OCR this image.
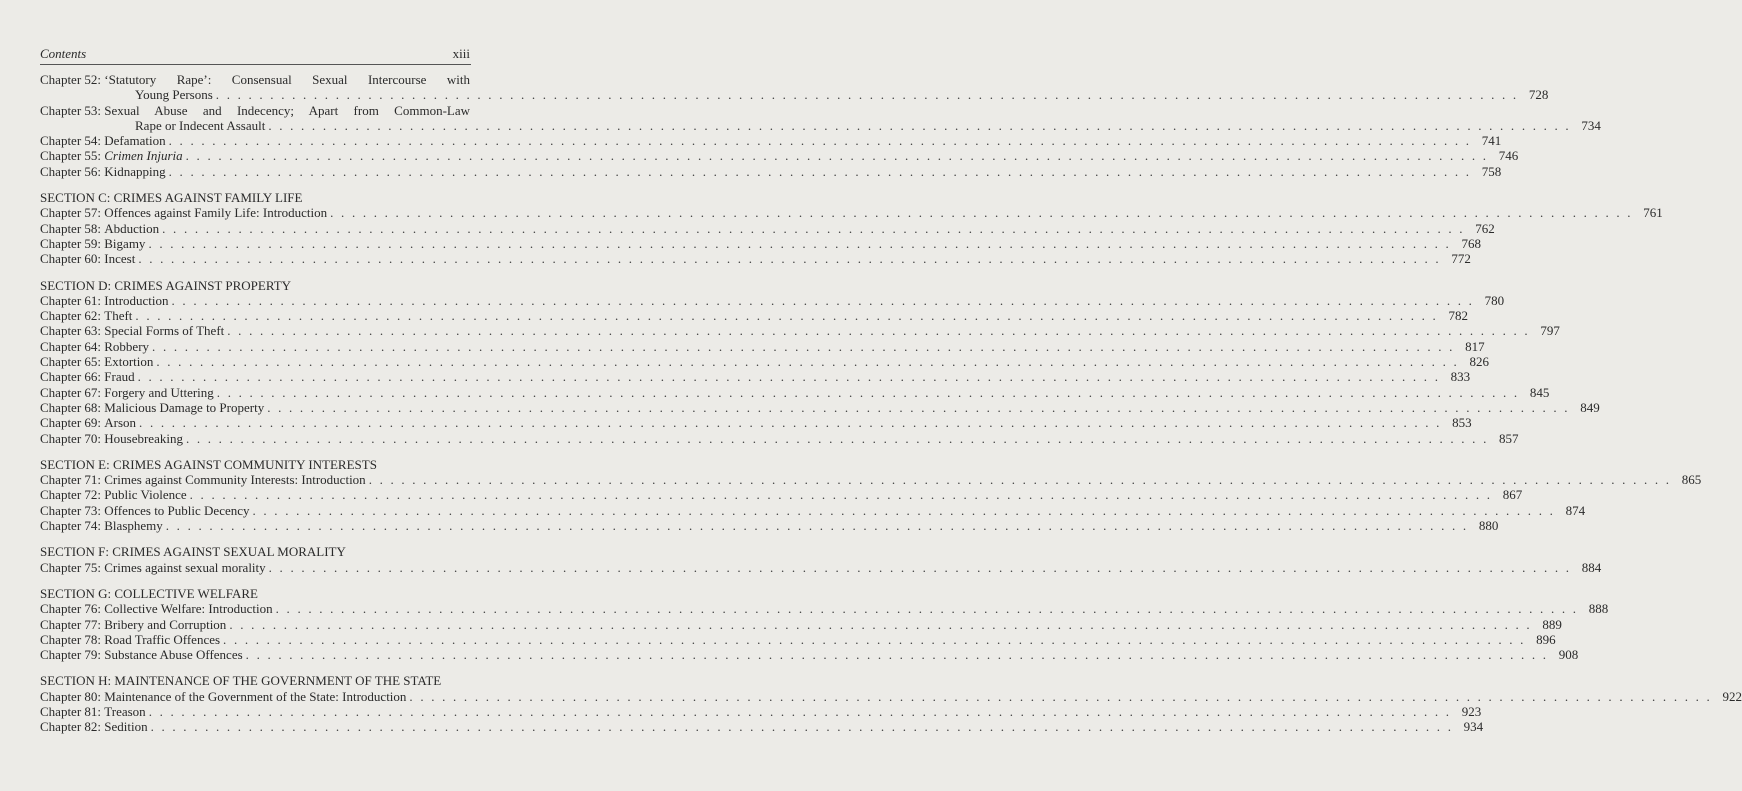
Contents	xiii
Chapter 52: ‘Statutory Rape’: Consensual Sexual Intercourse with
Young Persons . . . . . . . . . . . . . . . . . . . . . . . . . . . . . . . . . . . . . . . . . . . . . . . . . . . . . . . . . . . . . . . . . . . . . . . . . . . . . . . . . . . . . . . . . . . . . . . . . . . . . . . . . . . . . . . . . . . . . . . . 728
Chapter 53: Sexual Abuse and Indecency; Apart from Common-Law
Rape or Indecent Assault . . . . . . . . . . . . . . . . . . . . . . . . . . . . . . . . . . . . . . . . . . . . . . . . . . . . . . . . . . . . . . . . . . . . . . . . . . . . . . . . . . . . . . . . . . . . . . . . . . . . . . . . . . . . . . . . . . . . . . . . 734
Chapter 54: Defamation . . . . . . . . . . . . . . . . . . . . . . . . . . . . . . . . . . . . . . . . . . . . . . . . . . . . . . . . . . . . . . . . . . . . . . . . . . . . . . . . . . . . . . . . . . . . . . . . . . . . . . . . . . . . . . . . . . . . . . . . 741
Chapter 55: Crimen Injuria . . . . . . . . . . . . . . . . . . . . . . . . . . . . . . . . . . . . . . . . . . . . . . . . . . . . . . . . . . . . . . . . . . . . . . . . . . . . . . . . . . . . . . . . . . . . . . . . . . . . . . . . . . . . . . . . . . . . . . . . 746
Chapter 56: Kidnapping . . . . . . . . . . . . . . . . . . . . . . . . . . . . . . . . . . . . . . . . . . . . . . . . . . . . . . . . . . . . . . . . . . . . . . . . . . . . . . . . . . . . . . . . . . . . . . . . . . . . . . . . . . . . . . . . . . . . . . . . 758
SECTION C: CRIMES AGAINST FAMILY LIFE
Chapter 57: Offences against Family Life: Introduction . . . . . . . . . . . . . . . . . . . . . . . . . . . . . . . . . . . . . . . . . . . . . . . . . . . . . . . . . . . . . . . . . . . . . . . . . . . . . . . . . . . . . . . . . . . . . . . . . . . . . . . . . . . . . . . . . . . . . . . . 761
Chapter 58: Abduction . . . . . . . . . . . . . . . . . . . . . . . . . . . . . . . . . . . . . . . . . . . . . . . . . . . . . . . . . . . . . . . . . . . . . . . . . . . . . . . . . . . . . . . . . . . . . . . . . . . . . . . . . . . . . . . . . . . . . . . . 762
Chapter 59: Bigamy . . . . . . . . . . . . . . . . . . . . . . . . . . . . . . . . . . . . . . . . . . . . . . . . . . . . . . . . . . . . . . . . . . . . . . . . . . . . . . . . . . . . . . . . . . . . . . . . . . . . . . . . . . . . . . . . . . . . . . . . 768
Chapter 60: Incest . . . . . . . . . . . . . . . . . . . . . . . . . . . . . . . . . . . . . . . . . . . . . . . . . . . . . . . . . . . . . . . . . . . . . . . . . . . . . . . . . . . . . . . . . . . . . . . . . . . . . . . . . . . . . . . . . . . . . . . . 772
SECTION D: CRIMES AGAINST PROPERTY
Chapter 61: Introduction . . . . . . . . . . . . . . . . . . . . . . . . . . . . . . . . . . . . . . . . . . . . . . . . . . . . . . . . . . . . . . . . . . . . . . . . . . . . . . . . . . . . . . . . . . . . . . . . . . . . . . . . . . . . . . . . . . . . . . . . 780
Chapter 62: Theft . . . . . . . . . . . . . . . . . . . . . . . . . . . . . . . . . . . . . . . . . . . . . . . . . . . . . . . . . . . . . . . . . . . . . . . . . . . . . . . . . . . . . . . . . . . . . . . . . . . . . . . . . . . . . . . . . . . . . . . . 782
Chapter 63: Special Forms of Theft . . . . . . . . . . . . . . . . . . . . . . . . . . . . . . . . . . . . . . . . . . . . . . . . . . . . . . . . . . . . . . . . . . . . . . . . . . . . . . . . . . . . . . . . . . . . . . . . . . . . . . . . . . . . . . . . . . . . . . . . 797
Chapter 64: Robbery . . . . . . . . . . . . . . . . . . . . . . . . . . . . . . . . . . . . . . . . . . . . . . . . . . . . . . . . . . . . . . . . . . . . . . . . . . . . . . . . . . . . . . . . . . . . . . . . . . . . . . . . . . . . . . . . . . . . . . . . 817
Chapter 65: Extortion . . . . . . . . . . . . . . . . . . . . . . . . . . . . . . . . . . . . . . . . . . . . . . . . . . . . . . . . . . . . . . . . . . . . . . . . . . . . . . . . . . . . . . . . . . . . . . . . . . . . . . . . . . . . . . . . . . . . . . . . 826
Chapter 66: Fraud . . . . . . . . . . . . . . . . . . . . . . . . . . . . . . . . . . . . . . . . . . . . . . . . . . . . . . . . . . . . . . . . . . . . . . . . . . . . . . . . . . . . . . . . . . . . . . . . . . . . . . . . . . . . . . . . . . . . . . . . 833
Chapter 67: Forgery and Uttering . . . . . . . . . . . . . . . . . . . . . . . . . . . . . . . . . . . . . . . . . . . . . . . . . . . . . . . . . . . . . . . . . . . . . . . . . . . . . . . . . . . . . . . . . . . . . . . . . . . . . . . . . . . . . . . . . . . . . . . . 845
Chapter 68: Malicious Damage to Property . . . . . . . . . . . . . . . . . . . . . . . . . . . . . . . . . . . . . . . . . . . . . . . . . . . . . . . . . . . . . . . . . . . . . . . . . . . . . . . . . . . . . . . . . . . . . . . . . . . . . . . . . . . . . . . . . . . . . . . . 849
Chapter 69: Arson . . . . . . . . . . . . . . . . . . . . . . . . . . . . . . . . . . . . . . . . . . . . . . . . . . . . . . . . . . . . . . . . . . . . . . . . . . . . . . . . . . . . . . . . . . . . . . . . . . . . . . . . . . . . . . . . . . . . . . . . 853
Chapter 70: Housebreaking . . . . . . . . . . . . . . . . . . . . . . . . . . . . . . . . . . . . . . . . . . . . . . . . . . . . . . . . . . . . . . . . . . . . . . . . . . . . . . . . . . . . . . . . . . . . . . . . . . . . . . . . . . . . . . . . . . . . . . . . 857
SECTION E: CRIMES AGAINST COMMUNITY INTERESTS
Chapter 71: Crimes against Community Interests: Introduction . . . . . . . . . . . . . . . . . . . . . . . . . . . . . . . . . . . . . . . . . . . . . . . . . . . . . . . . . . . . . . . . . . . . . . . . . . . . . . . . . . . . . . . . . . . . . . . . . . . . . . . . . . . . . . . . . . . . . . . . 865
Chapter 72: Public Violence . . . . . . . . . . . . . . . . . . . . . . . . . . . . . . . . . . . . . . . . . . . . . . . . . . . . . . . . . . . . . . . . . . . . . . . . . . . . . . . . . . . . . . . . . . . . . . . . . . . . . . . . . . . . . . . . . . . . . . . . 867
Chapter 73: Offences to Public Decency . . . . . . . . . . . . . . . . . . . . . . . . . . . . . . . . . . . . . . . . . . . . . . . . . . . . . . . . . . . . . . . . . . . . . . . . . . . . . . . . . . . . . . . . . . . . . . . . . . . . . . . . . . . . . . . . . . . . . . . . 874
Chapter 74: Blasphemy . . . . . . . . . . . . . . . . . . . . . . . . . . . . . . . . . . . . . . . . . . . . . . . . . . . . . . . . . . . . . . . . . . . . . . . . . . . . . . . . . . . . . . . . . . . . . . . . . . . . . . . . . . . . . . . . . . . . . . . . 880
SECTION F: CRIMES AGAINST SEXUAL MORALITY
Chapter 75: Crimes against sexual morality . . . . . . . . . . . . . . . . . . . . . . . . . . . . . . . . . . . . . . . . . . . . . . . . . . . . . . . . . . . . . . . . . . . . . . . . . . . . . . . . . . . . . . . . . . . . . . . . . . . . . . . . . . . . . . . . . . . . . . . . 884
SECTION G: COLLECTIVE WELFARE
Chapter 76: Collective Welfare: Introduction . . . . . . . . . . . . . . . . . . . . . . . . . . . . . . . . . . . . . . . . . . . . . . . . . . . . . . . . . . . . . . . . . . . . . . . . . . . . . . . . . . . . . . . . . . . . . . . . . . . . . . . . . . . . . . . . . . . . . . . . 888
Chapter 77: Bribery and Corruption . . . . . . . . . . . . . . . . . . . . . . . . . . . . . . . . . . . . . . . . . . . . . . . . . . . . . . . . . . . . . . . . . . . . . . . . . . . . . . . . . . . . . . . . . . . . . . . . . . . . . . . . . . . . . . . . . . . . . . . . 889
Chapter 78: Road Traffic Offences . . . . . . . . . . . . . . . . . . . . . . . . . . . . . . . . . . . . . . . . . . . . . . . . . . . . . . . . . . . . . . . . . . . . . . . . . . . . . . . . . . . . . . . . . . . . . . . . . . . . . . . . . . . . . . . . . . . . . . . . 896
Chapter 79: Substance Abuse Offences . . . . . . . . . . . . . . . . . . . . . . . . . . . . . . . . . . . . . . . . . . . . . . . . . . . . . . . . . . . . . . . . . . . . . . . . . . . . . . . . . . . . . . . . . . . . . . . . . . . . . . . . . . . . . . . . . . . . . . . . 908
SECTION H: MAINTENANCE OF THE GOVERNMENT OF THE STATE
Chapter 80: Maintenance of the Government of the State: Introduction . . . . . . . . . . . . . . . . . . . . . . . . . . . . . . . . . . . . . . . . . . . . . . . . . . . . . . . . . . . . . . . . . . . . . . . . . . . . . . . . . . . . . . . . . . . . . . . . . . . . . . . . . . . . . . . . . . . . . . . . 922
Chapter 81: Treason . . . . . . . . . . . . . . . . . . . . . . . . . . . . . . . . . . . . . . . . . . . . . . . . . . . . . . . . . . . . . . . . . . . . . . . . . . . . . . . . . . . . . . . . . . . . . . . . . . . . . . . . . . . . . . . . . . . . . . . . 923
Chapter 82: Sedition . . . . . . . . . . . . . . . . . . . . . . . . . . . . . . . . . . . . . . . . . . . . . . . . . . . . . . . . . . . . . . . . . . . . . . . . . . . . . . . . . . . . . . . . . . . . . . . . . . . . . . . . . . . . . . . . . . . . . . . . 934
